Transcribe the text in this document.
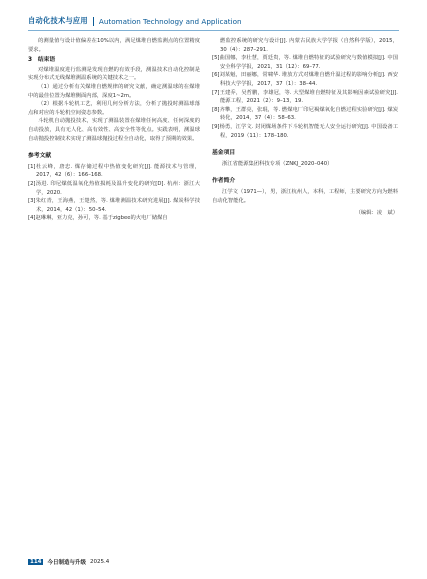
自动化技术与应用 Automation Technology and Application

的测量值与设计值偏差在10%以内，满足煤堆自燃监测点的位置精度要求。

3　结束语

对煤堆温度进行监测是发现自燃的有效手段，测温技术自动化控制是实现分布式无线煤堆测温系统的关键技术之一。

（1）通过分析有关煤堆自燃规律的研究文献，确定测温球的在煤堆中的最佳位置为煤堆侧面内部，深度1~2m。

（2）根据斗轮机工艺，利用几何分析方法，分析了抛投时测温球落点和对应的斗轮机空间姿态参数。

斗轮机自动抛投技术，实现了测温装置在煤堆任何高度、任何深度的自动投放，具有无人化、高有效性、高安全性等优点。实践表明，测温球自动抛投控制技术实现了测温球抛投过程全自动化，取得了预期的效果。

参考文献
[1]杜云峰，唐忠. 煤存储过程中热值变化研究[J]. 能源技术与管理，2017，42（6）：166–168.
[2]汤进. 印尼煤低温氧化热值损耗及温升变化的研究[D]. 杭州：浙江大学，2020.
[3]朱红青，王海燕，王楚然，等. 煤堆测温技术研究进展[J]. 煤炭科学技术，2014，42（1）：50–54.
[4]赵琳琳，亚力克，孙可，等. 基于zigbee的火电厂储煤自
燃监控系统的研究与设计[J]. 内蒙古民族大学学报（自然科学版），2015，30（4）：287–291.
[5]曲国娜，李壮慧，贾廷贵，等. 煤堆自燃特征的试验研究与数值模拟[J]. 中国安全科学学报，2021，31（12）：69–77.
[6]刘某魁，田丽娜，常啸华. 堆放方式对煤堆自燃升温过程的影响分析[J]. 西安科技大学学报，2017，37（1）：38–44.
[7]王建乔，吴哲鹏，李雄冠，等. 大型煤堆自燃特征及其影响因素试验研究[J]. 能源工程，2021（2）：9–13，19.
[8]齐攀，王群亮，张琨，等. 燃煤电厂印尼褐煤氧化自燃过程实验研究[J]. 煤炭转化，2014，37（4）：58–63.
[9]杨勇，江学文. 封闭煤场条件下斗轮机智能无人安全运行研究[J]. 中国设备工程，2019（11）：178–180.
基金项目

浙江省能源集团科技专项（ZNKJ_2020–040）

作者简介

江学文（1971—），男，浙江杭州人，本科，工程师，主要研究方向为燃料自动化智能化。

（编辑：凌　斌）
114	今日制造与升级 2025.4
